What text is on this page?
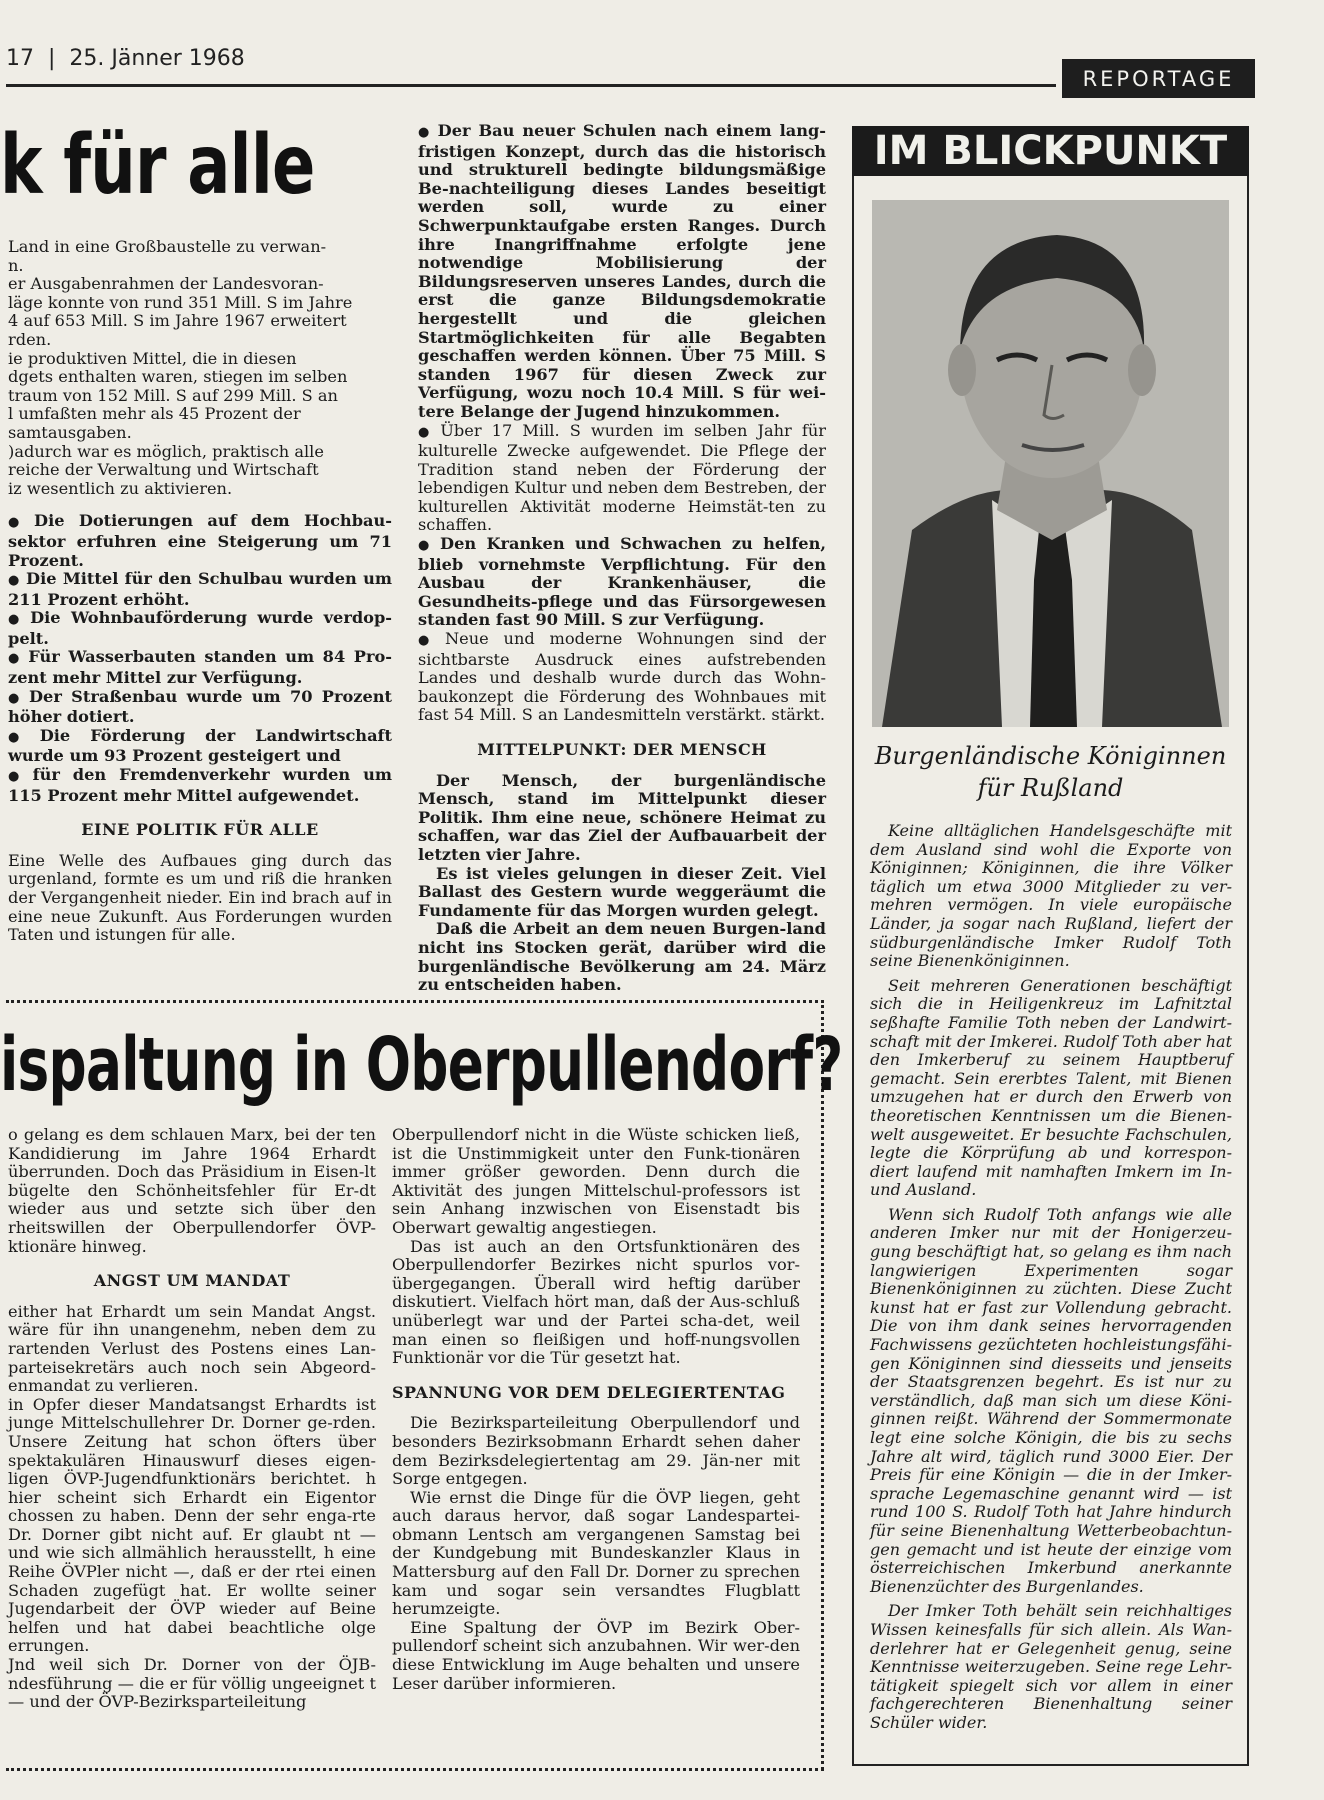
17  |  25. Jänner 1968
REPORTAGE
k für alle

Land in eine Großbaustelle zu verwan-

n.

er Ausgabenrahmen der Landesvoran-

läge konnte von rund 351 Mill. S im Jahre

4 auf 653 Mill. S im Jahre 1967 erweitert

rden.

ie produktiven Mittel, die in diesen

dgets enthalten waren, stiegen im selben

traum von 152 Mill. S auf 299 Mill. S an

l umfaßten mehr als 45 Prozent der

samtausgaben.

)adurch war es möglich, praktisch alle

reiche der Verwaltung und Wirtschaft

iz wesentlich zu aktivieren.

● Die Dotierungen auf dem Hochbau-sektor erfuhren eine Steigerung um 71 Prozent.

● Die Mittel für den Schulbau wurden um 211 Prozent erhöht.

● Die Wohnbauförderung wurde verdop-pelt.

● Für Wasserbauten standen um 84 Pro-zent mehr Mittel zur Verfügung.

● Der Straßenbau wurde um 70 Prozent höher dotiert.

● Die Förderung der Landwirtschaft wurde um 93 Prozent gesteigert und

● für den Fremdenverkehr wurden um 115 Prozent mehr Mittel aufgewendet.

EINE POLITIK FÜR ALLE

Eine Welle des Aufbaues ging durch das urgenland, formte es um und riß die hranken der Vergangenheit nieder. Ein ind brach auf in eine neue Zukunft. Aus Forderungen wurden Taten und istungen für alle.

● Der Bau neuer Schulen nach einem lang-fristigen Konzept, durch das die historisch und strukturell bedingte bildungsmäßige Be-nachteiligung dieses Landes beseitigt werden soll, wurde zu einer Schwerpunktaufgabe ersten Ranges. Durch ihre Inangriffnahme erfolgte jene notwendige Mobilisierung der Bildungsreserven unseres Landes, durch die erst die ganze Bildungsdemokratie hergestellt und die gleichen Startmöglichkeiten für alle Begabten geschaffen werden können. Über 75 Mill. S standen 1967 für diesen Zweck zur Verfügung, wozu noch 10.4 Mill. S für wei-tere Belange der Jugend hinzukommen.

● Über 17 Mill. S wurden im selben Jahr für kulturelle Zwecke aufgewendet. Die Pflege der Tradition stand neben der Förderung der lebendigen Kultur und neben dem Bestreben, der kulturellen Aktivität moderne Heimstät-ten zu schaffen.

● Den Kranken und Schwachen zu helfen, blieb vornehmste Verpflichtung. Für den Ausbau der Krankenhäuser, die Gesundheits-pflege und das Fürsorgewesen standen fast 90 Mill. S zur Verfügung.

● Neue und moderne Wohnungen sind der sichtbarste Ausdruck eines aufstrebenden Landes und deshalb wurde durch das Wohn-baukonzept die Förderung des Wohnbaues mit fast 54 Mill. S an Landesmitteln verstärkt. stärkt.

MITTELPUNKT: DER MENSCH

Der Mensch, der burgenländische Mensch, stand im Mittelpunkt dieser Politik. Ihm eine neue, schönere Heimat zu schaffen, war das Ziel der Aufbauarbeit der letzten vier Jahre.

Es ist vieles gelungen in dieser Zeit. Viel Ballast des Gestern wurde weggeräumt die Fundamente für das Morgen wurden gelegt.

Daß die Arbeit an dem neuen Burgen-land nicht ins Stocken gerät, darüber wird die burgenländische Bevölkerung am 24. März zu entscheiden haben.

ispaltung in Oberpullendorf?

o gelang es dem schlauen Marx, bei der ten Kandidierung im Jahre 1964 Erhardt überrunden. Doch das Präsidium in Eisen-lt bügelte den Schönheitsfehler für Er-dt wieder aus und setzte sich über den rheitswillen der Oberpullendorfer ÖVP-ktionäre hinweg.

ANGST UM MANDAT

either hat Erhardt um sein Mandat Angst. wäre für ihn unangenehm, neben dem zu rartenden Verlust des Postens eines Lan-parteisekretärs auch noch sein Abgeord-enmandat zu verlieren.

in Opfer dieser Mandatsangst Erhardts ist junge Mittelschullehrer Dr. Dorner ge-rden. Unsere Zeitung hat schon öfters über spektakulären Hinauswurf dieses eigen-ligen ÖVP-Jugendfunktionärs berichtet. h hier scheint sich Erhardt ein Eigentor chossen zu haben. Denn der sehr enga-rte Dr. Dorner gibt nicht auf. Er glaubt nt — und wie sich allmählich herausstellt, h eine Reihe ÖVPler nicht —, daß er der rtei einen Schaden zugefügt hat. Er wollte seiner Jugendarbeit der ÖVP wieder auf Beine helfen und hat dabei beachtliche olge errungen.

Jnd weil sich Dr. Dorner von der ÖJB-ndesführung — die er für völlig ungeeignet t — und der ÖVP-Bezirksparteileitung

Oberpullendorf nicht in die Wüste schicken ließ, ist die Unstimmigkeit unter den Funk-tionären immer größer geworden. Denn durch die Aktivität des jungen Mittelschul-professors ist sein Anhang inzwischen von Eisenstadt bis Oberwart gewaltig angestiegen.

Das ist auch an den Ortsfunktionären des Oberpullendorfer Bezirkes nicht spurlos vor-übergegangen. Überall wird heftig darüber diskutiert. Vielfach hört man, daß der Aus-schluß unüberlegt war und der Partei scha-det, weil man einen so fleißigen und hoff-nungsvollen Funktionär vor die Tür gesetzt hat.

SPANNUNG VOR DEM DELEGIERTENTAG

Die Bezirksparteileitung Oberpullendorf und besonders Bezirksobmann Erhardt sehen daher dem Bezirksdelegiertentag am 29. Jän-ner mit Sorge entgegen.

Wie ernst die Dinge für die ÖVP liegen, geht auch daraus hervor, daß sogar Landespartei-obmann Lentsch am vergangenen Samstag bei der Kundgebung mit Bundeskanzler Klaus in Mattersburg auf den Fall Dr. Dorner zu sprechen kam und sogar sein versandtes Flugblatt herumzeigte.

Eine Spaltung der ÖVP im Bezirk Ober-pullendorf scheint sich anzubahnen. Wir wer-den diese Entwicklung im Auge behalten und unsere Leser darüber informieren.

IM BLICKPUNKT
Burgenländische Königinnen
für Rußland

Keine alltäglichen Handelsgeschäfte mit dem Ausland sind wohl die Exporte von Königinnen; Königinnen, die ihre Völker täglich um etwa 3000 Mitglieder zu ver-mehren vermögen. In viele europäische Länder, ja sogar nach Rußland, liefert der südburgenländische Imker Rudolf Toth seine Bienenköniginnen.

Seit mehreren Generationen beschäftigt sich die in Heiligenkreuz im Lafnitztal seßhafte Familie Toth neben der Landwirt-schaft mit der Imkerei. Rudolf Toth aber hat den Imkerberuf zu seinem Hauptberuf gemacht. Sein ererbtes Talent, mit Bienen umzugehen hat er durch den Erwerb von theoretischen Kenntnissen um die Bienen-welt ausgeweitet. Er besuchte Fachschulen, legte die Körprüfung ab und korrespon-diert laufend mit namhaften Imkern im In- und Ausland.

Wenn sich Rudolf Toth anfangs wie alle anderen Imker nur mit der Honigerzeu-gung beschäftigt hat, so gelang es ihm nach langwierigen Experimenten sogar Bienenköniginnen zu züchten. Diese Zucht kunst hat er fast zur Vollendung gebracht. Die von ihm dank seines hervorragenden Fachwissens gezüchteten hochleistungsfähi-gen Königinnen sind diesseits und jenseits der Staatsgrenzen begehrt. Es ist nur zu verständlich, daß man sich um diese Köni-ginnen reißt. Während der Sommermonate legt eine solche Königin, die bis zu sechs Jahre alt wird, täglich rund 3000 Eier. Der Preis für eine Königin — die in der Imker-sprache Legemaschine genannt wird — ist rund 100 S. Rudolf Toth hat Jahre hindurch für seine Bienenhaltung Wetterbeobachtun-gen gemacht und ist heute der einzige vom österreichischen Imkerbund anerkannte Bienenzüchter des Burgenlandes.

Der Imker Toth behält sein reichhaltiges Wissen keinesfalls für sich allein. Als Wan-derlehrer hat er Gelegenheit genug, seine Kenntnisse weiterzugeben. Seine rege Lehr-tätigkeit spiegelt sich vor allem in einer fachgerechteren Bienenhaltung seiner Schüler wider.
